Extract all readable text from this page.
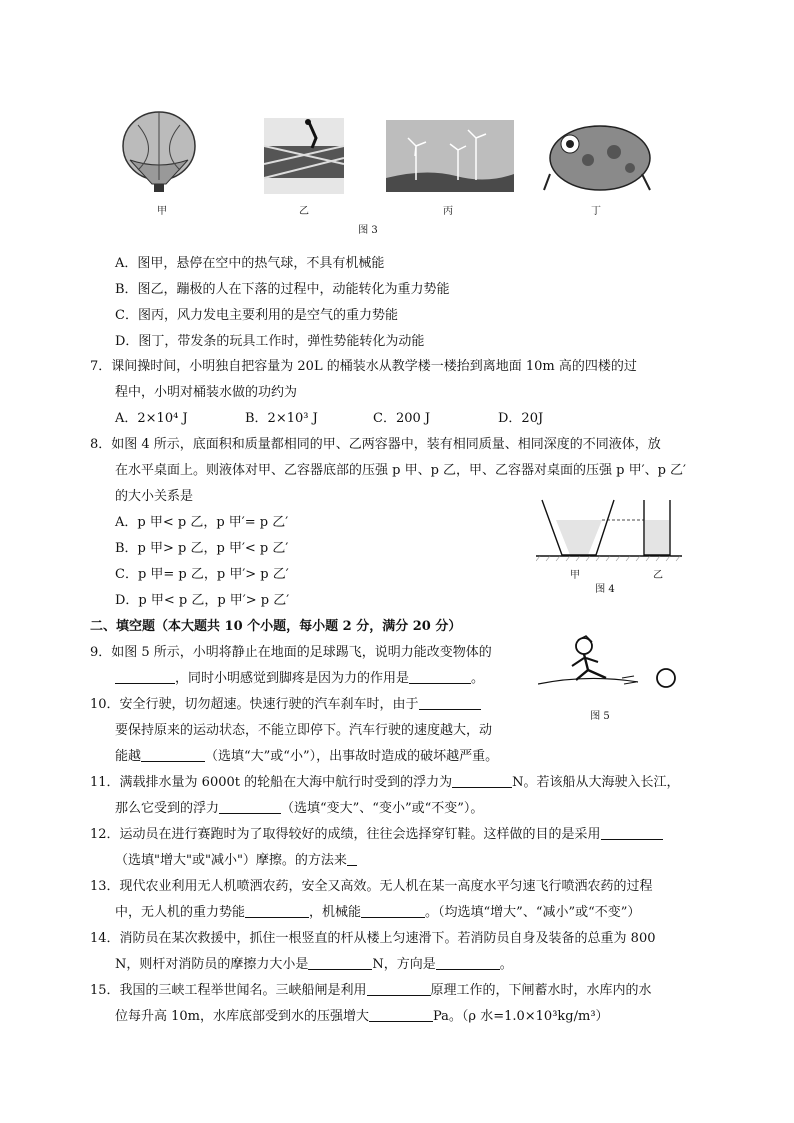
甲	乙	丙	丁
图 3
A．图甲，悬停在空中的热气球，不具有机械能
B．图乙，蹦极的人在下落的过程中，动能转化为重力势能
C．图丙，风力发电主要利用的是空气的重力势能
D．图丁，带发条的玩具工作时，弹性势能转化为动能
7．课间操时间，小明独自把容量为 20L 的桶装水从教学楼一楼抬到离地面 10m 高的四楼的过
程中，小明对桶装水做的功约为
A．2×10⁴ J	B．2×10³ J	C．200 J	D．20J
8．如图 4 所示，底面积和质量都相同的甲、乙两容器中，装有相同质量、相同深度的不同液体，放
在水平桌面上。则液体对甲、乙容器底部的压强 p 甲、p 乙，甲、乙容器对桌面的压强 p 甲′、p 乙′
的大小关系是
A．p 甲< p 乙，p 甲′= p 乙′
B．p 甲> p 乙，p 甲′< p 乙′
C．p 甲= p 乙，p 甲′> p 乙′
D．p 甲< p 乙，p 甲′> p 乙′
甲	乙
图 4
二、填空题（本大题共 10 个小题，每小题 2 分，满分 20 分）
图 5
9．如图 5 所示，小明将静止在地面的足球踢飞，说明力能改变物体的
，同时小明感觉到脚疼是因为力的作用是	。
10．安全行驶，切勿超速。快速行驶的汽车刹车时，由于
要保持原来的运动状态，不能立即停下。汽车行驶的速度越大，动
能越	（选填“大”或“小”），出事故时造成的破坏越严重。
11．满载排水量为 6000t 的轮船在大海中航行时受到的浮力为	N。若该船从大海驶入长江，
那么它受到的浮力	（选填“变大”、“变小”或“不变”）。
12．运动员在进行赛跑时为了取得较好的成绩，往往会选择穿钉鞋。这样做的目的是采用
（选填"增大"或"减小"）摩擦。的方法来
13．现代农业利用无人机喷洒农药，安全又高效。无人机在某一高度水平匀速飞行喷洒农药的过程
中，无人机的重力势能	，机械能	。（均选填“增大”、“减小”或“不变”）
14．消防员在某次救援中，抓住一根竖直的杆从楼上匀速滑下。若消防员自身及装备的总重为 800
N，则杆对消防员的摩擦力大小是	N，方向是	。
15．我国的三峡工程举世闻名。三峡船闸是利用	原理工作的，下闸蓄水时，水库内的水
位每升高 10m，水库底部受到水的压强增大	Pa。（ρ 水=1.0×10³kg/m³）
